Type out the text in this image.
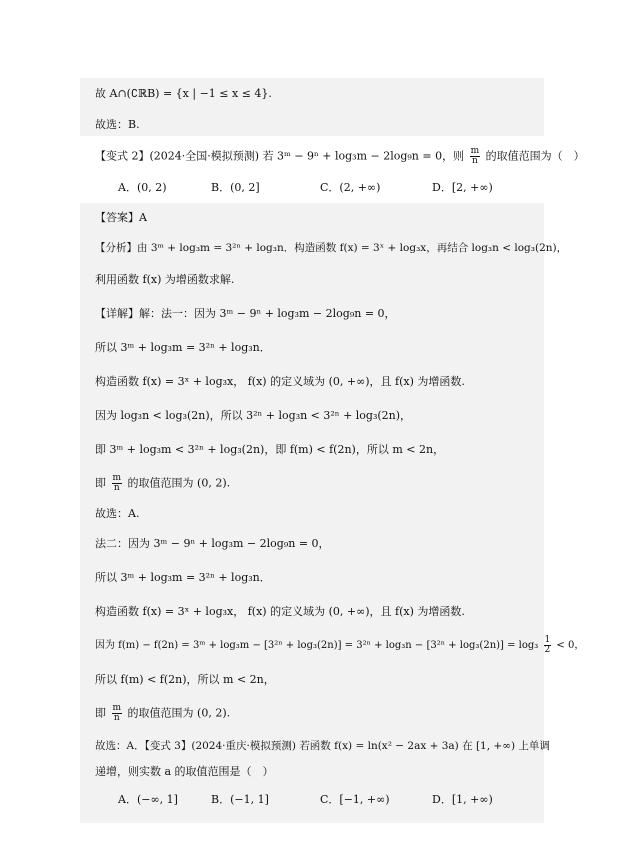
故 A∩(∁ℝB) = {x | −1 ≤ x ≤ 4}.
故选：B.
【变式 2】(2024·全国·模拟预测) 若 3ᵐ − 9ⁿ + log₃m − 2log₉n = 0，则 $\frac{m}{n}$ 的取值范围为（　）
A．(0, 2)	B．(0, 2]	C．(2, +∞)	D．[2, +∞)
【答案】A
【分析】由 3ᵐ + log₃m = 3²ⁿ + log₃n．构造函数 f(x) = 3ˣ + log₃x，再结合 log₃n < log₃(2n)，
利用函数 f(x) 为增函数求解.
【详解】解：法一：因为 3ᵐ − 9ⁿ + log₃m − 2log₉n = 0，
所以 3ᵐ + log₃m = 3²ⁿ + log₃n．
构造函数 f(x) = 3ˣ + log₃x， f(x) 的定义域为 (0, +∞)，且 f(x) 为增函数.
因为 log₃n < log₃(2n)，所以 3²ⁿ + log₃n < 3²ⁿ + log₃(2n)，
即 3ᵐ + log₃m < 3²ⁿ + log₃(2n)，即 f(m) < f(2n)，所以 m < 2n，
即 $\frac{m}{n}$ 的取值范围为 (0, 2).
故选：A.
法二：因为 3ᵐ − 9ⁿ + log₃m − 2log₉n = 0，
所以 3ᵐ + log₃m = 3²ⁿ + log₃n．
构造函数 f(x) = 3ˣ + log₃x， f(x) 的定义域为 (0, +∞)，且 f(x) 为增函数.
因为 f(m) − f(2n) = 3ᵐ + $\log_3m - [3^{2n} + \log_3(2n)] = 3^{2n} + \log_3n - [3^{2n} + \log_3(2n)] = \log_3 \frac{1}{2} < 0$，
所以 f(m) < f(2n)，所以 m < 2n，
即 $\frac{m}{n}$ 的取值范围为 (0, 2).
故选：A．【变式 3】(2024·重庆·模拟预测) 若函数 f(x) = ln(x² − 2ax + 3a) 在 [1, +∞) 上单调
递增，则实数 a 的取值范围是（　）
A．(−∞, 1]	B．(−1, 1]	C．[−1, +∞)	D．[1, +∞)
